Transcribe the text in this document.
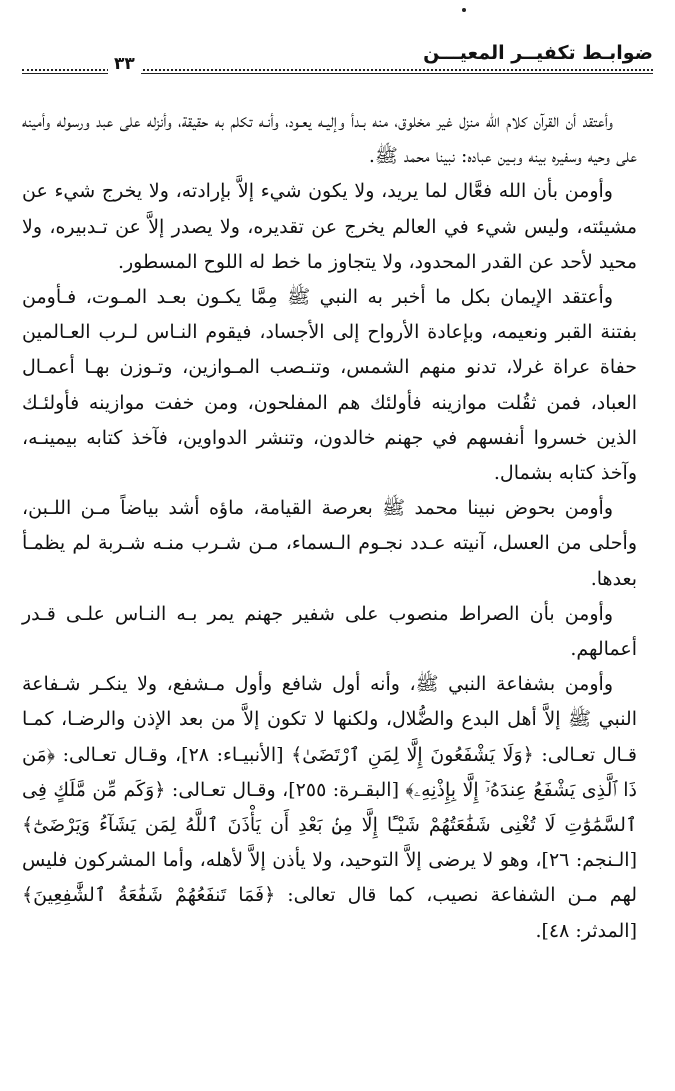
ضوابـط تكفيــر المعيـــن
٣٣

وأعتقد أن القرآن كلام الله منزل غير مخلوق، منه بـدأ وإليـه يعـود، وأنـه تكلم به حقيقة، وأنزله على عبد ورسوله وأمينه على وحيه وسفيره بينه وبـين عباده: نبينا محمد ﷺ.

وأومن بأن الله فعَّال لما يريد، ولا يكون شيء إلاَّ بإرادته، ولا يخرج شيء عن مشيئته، وليس شيء في العالم يخرج عن تقديره، ولا يصدر إلاَّ عن تـدبيره، ولا محيد لأحد عن القدر المحدود، ولا يتجاوز ما خط له اللوح المسطور.

وأعتقد الإيمان بكل ما أخبر به النبي ﷺ مِمَّا يكـون بعـد المـوت، فـأومن بفتنة القبر ونعيمه، وبإعادة الأرواح إلى الأجساد، فيقوم النـاس لـرب العـالمين حفاة عراة غرلا، تدنو منهم الشمس، وتنـصب المـوازين، وتـوزن بهـا أعمـال العباد، فمن ثقُلت موازينه فأولئك هم المفلحون، ومن خفت موازينه فأولئـك الذين خسروا أنفسهم في جهنم خالدون، وتنشر الدواوين، فآخذ كتابه بيمينـه، وآخذ كتابه بشمال.

وأومن بحوض نبينا محمد ﷺ بعرصة القيامة، ماؤه أشد بياضاً مـن اللـبن، وأحلى من العسل، آنيته عـدد نجـوم الـسماء، مـن شـرب منـه شـربة لم يظمـأ بعدها.

وأومن بأن الصراط منصوب على شفير جهنم يمر بـه النـاس علـى قـدر أعمالهم.

وأومن بشفاعة النبي ﷺ، وأنه أول شافع وأول مـشفع، ولا ينكـر شـفاعة النبي ﷺ إلاَّ أهل البدع والضُّلال، ولكنها لا تكون إلاَّ من بعد الإذن والرضـا، كمـا قـال تعـالى: ﴿وَلَا يَشْفَعُونَ إِلَّا لِمَنِ ٱرْتَضَىٰ﴾ [الأنبيـاء: ٢٨]، وقـال تعـالى: ﴿مَن ذَا ٱلَّذِى يَشْفَعُ عِندَهُۥٓ إِلَّا بِإِذْنِهِۦ﴾ [البقـرة: ٢٥٥]، وقـال تعـالى: ﴿وَكَم مِّن مَّلَكٍ فِى ٱلسَّمَٰوَٰتِ لَا تُغْنِى شَفَٰعَتُهُمْ شَيْـًٔا إِلَّا مِنۢ بَعْدِ أَن يَأْذَنَ ٱللَّهُ لِمَن يَشَآءُ وَيَرْضَىٰٓ﴾ [الـنجم: ٢٦]، وهو لا يرضى إلاَّ التوحيد، ولا يأذن إلاَّ لأهله، وأما المشركون فليس لهم مـن الشفاعة نصيب، كما قال تعالى: ﴿فَمَا تَنفَعُهُمْ شَفَٰعَةُ ٱلشَّٰفِعِينَ﴾ [المدثر: ٤٨].
